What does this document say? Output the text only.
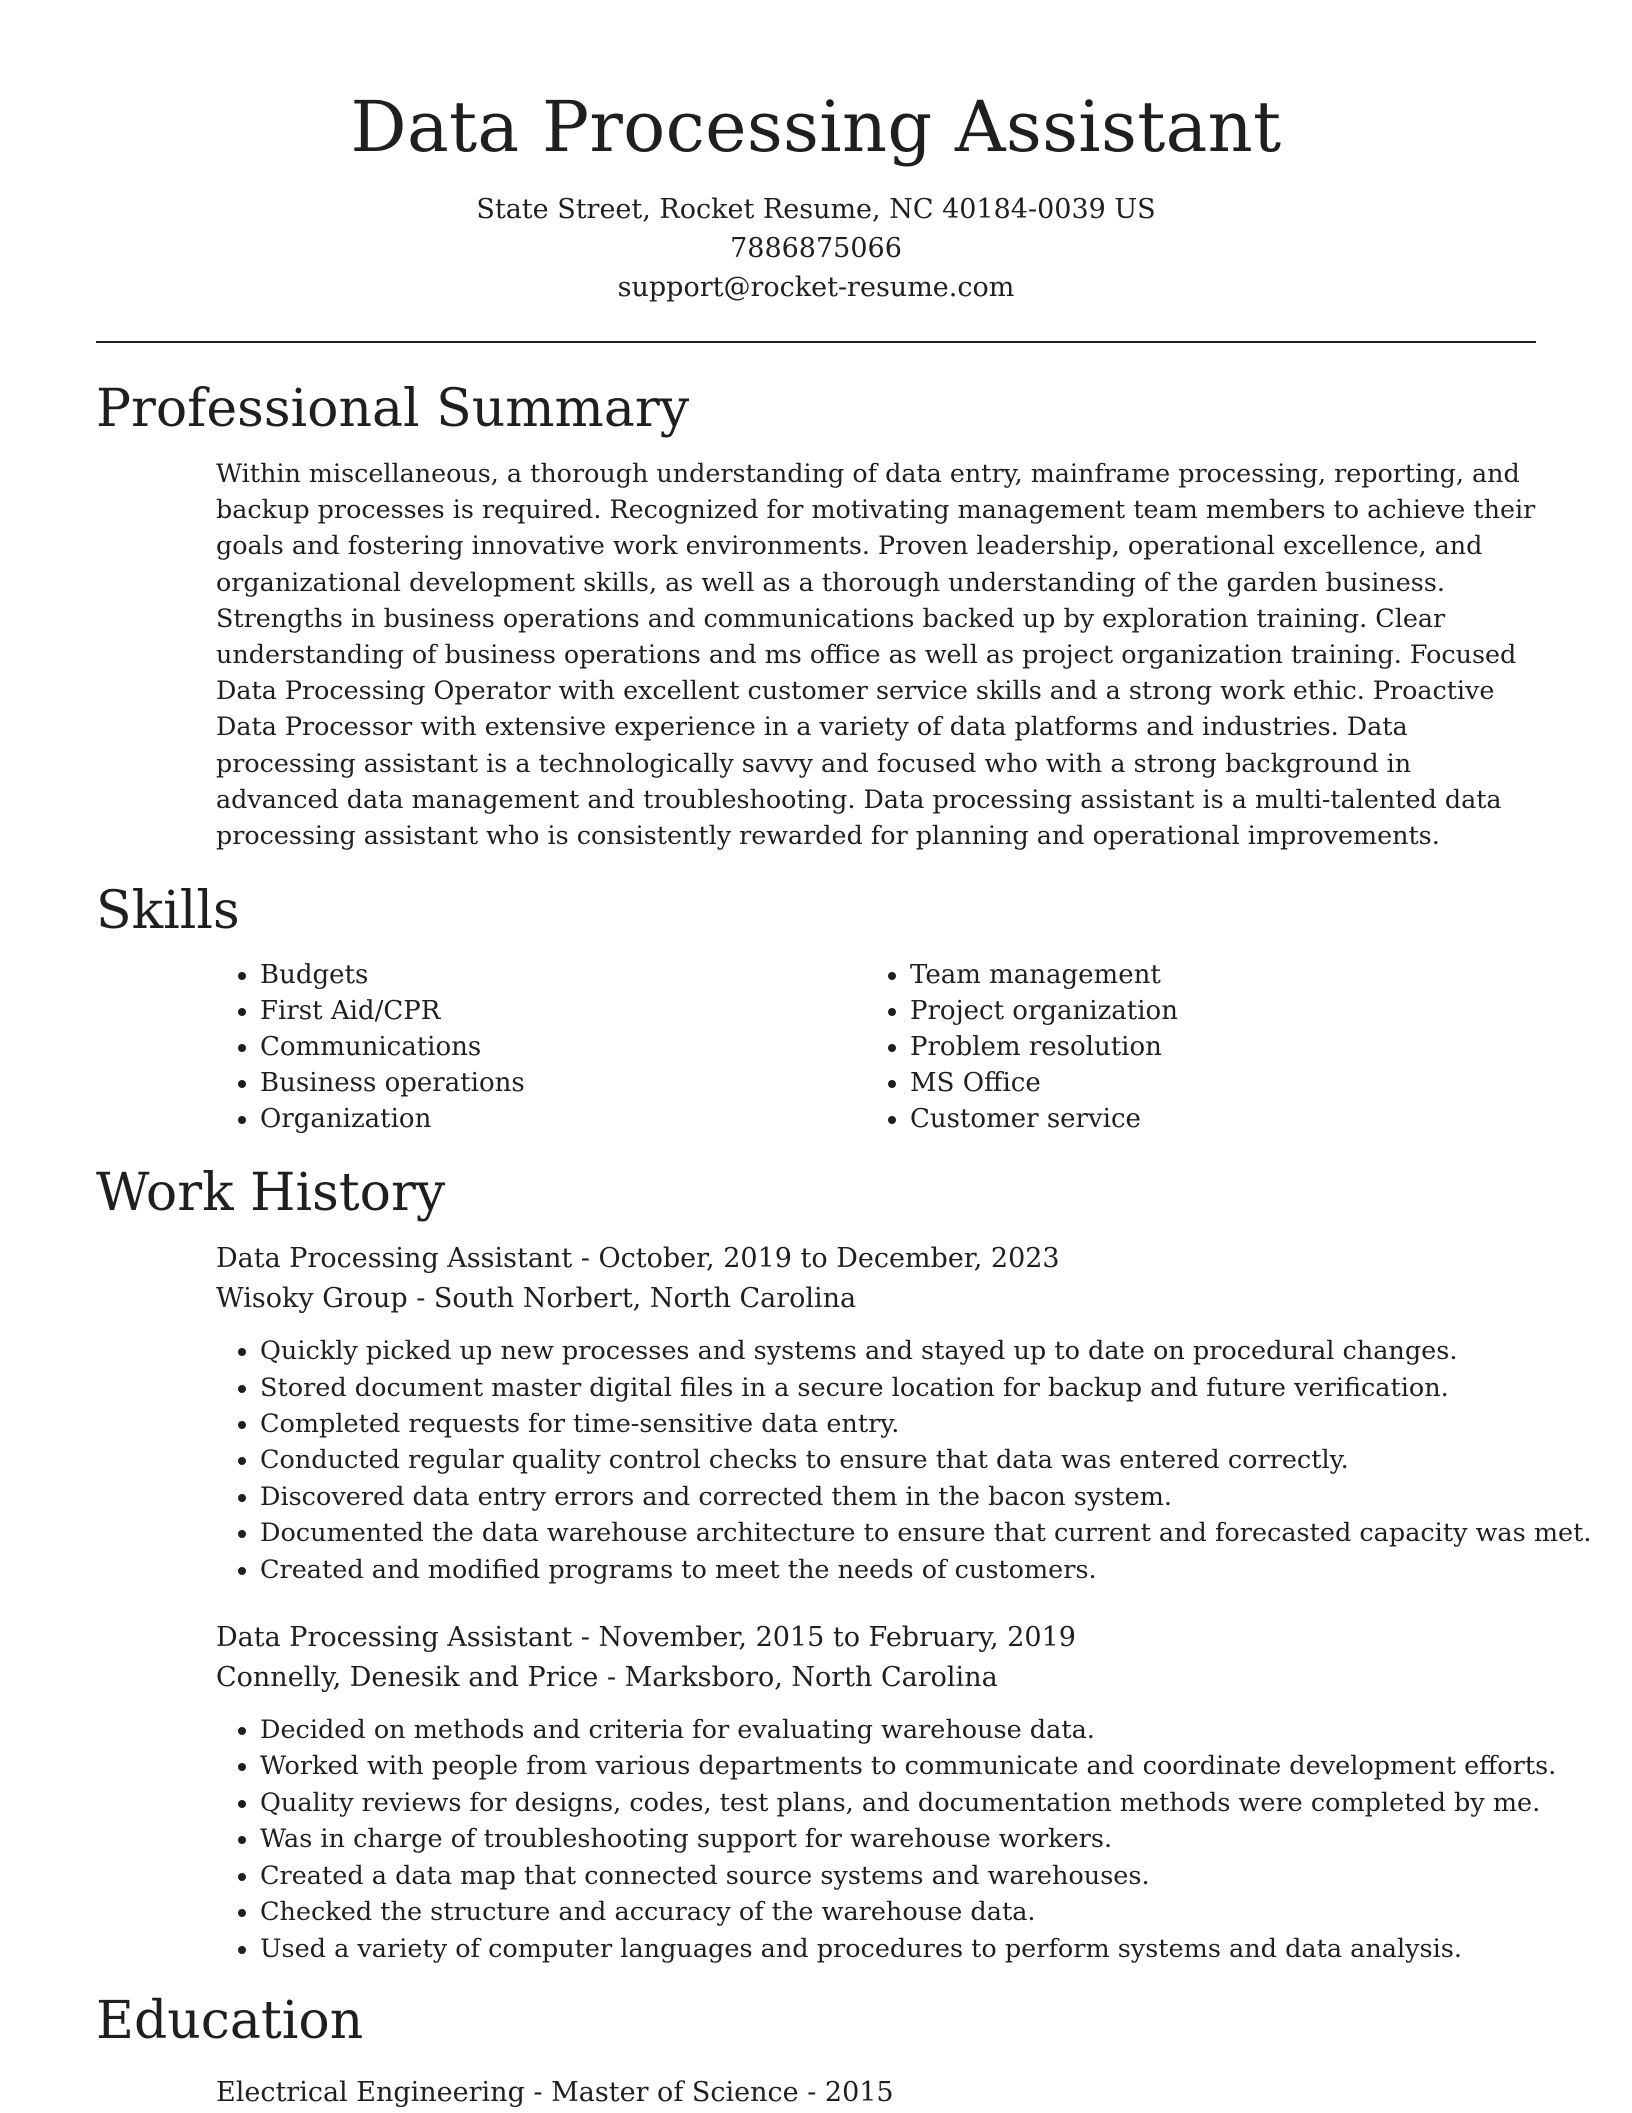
Data Processing Assistant
State Street, Rocket Resume, NC 40184-0039 US
7886875066
support@rocket-resume.com
Professional Summary

Within miscellaneous, a thorough understanding of data entry, mainframe processing, reporting, and backup processes is required. Recognized for motivating management team members to achieve their goals and fostering innovative work environments. Proven leadership, operational excellence, and organizational development skills, as well as a thorough understanding of the garden business. Strengths in business operations and communications backed up by exploration training. Clear understanding of business operations and ms office as well as project organization training. Focused Data Processing Operator with excellent customer service skills and a strong work ethic. Proactive Data Processor with extensive experience in a variety of data platforms and industries. Data processing assistant is a technologically savvy and focused who with a strong background in advanced data management and troubleshooting. Data processing assistant is a multi-talented data processing assistant who is consistently rewarded for planning and operational improvements.

Skills
• Budgets
• First Aid/CPR
• Communications
• Business operations
• Organization
• Team management
• Project organization
• Problem resolution
• MS Office
• Customer service
Work History
Data Processing Assistant - October, 2019 to December, 2023
Wisoky Group - South Norbert, North Carolina
• Quickly picked up new processes and systems and stayed up to date on procedural changes.
• Stored document master digital files in a secure location for backup and future verification.
• Completed requests for time-sensitive data entry.
• Conducted regular quality control checks to ensure that data was entered correctly.
• Discovered data entry errors and corrected them in the bacon system.
• Documented the data warehouse architecture to ensure that current and forecasted capacity was met.
• Created and modified programs to meet the needs of customers.
Data Processing Assistant - November, 2015 to February, 2019
Connelly, Denesik and Price - Marksboro, North Carolina
• Decided on methods and criteria for evaluating warehouse data.
• Worked with people from various departments to communicate and coordinate development efforts.
• Quality reviews for designs, codes, test plans, and documentation methods were completed by me.
• Was in charge of troubleshooting support for warehouse workers.
• Created a data map that connected source systems and warehouses.
• Checked the structure and accuracy of the warehouse data.
• Used a variety of computer languages and procedures to perform systems and data analysis.
Education
Electrical Engineering - Master of Science - 2015
